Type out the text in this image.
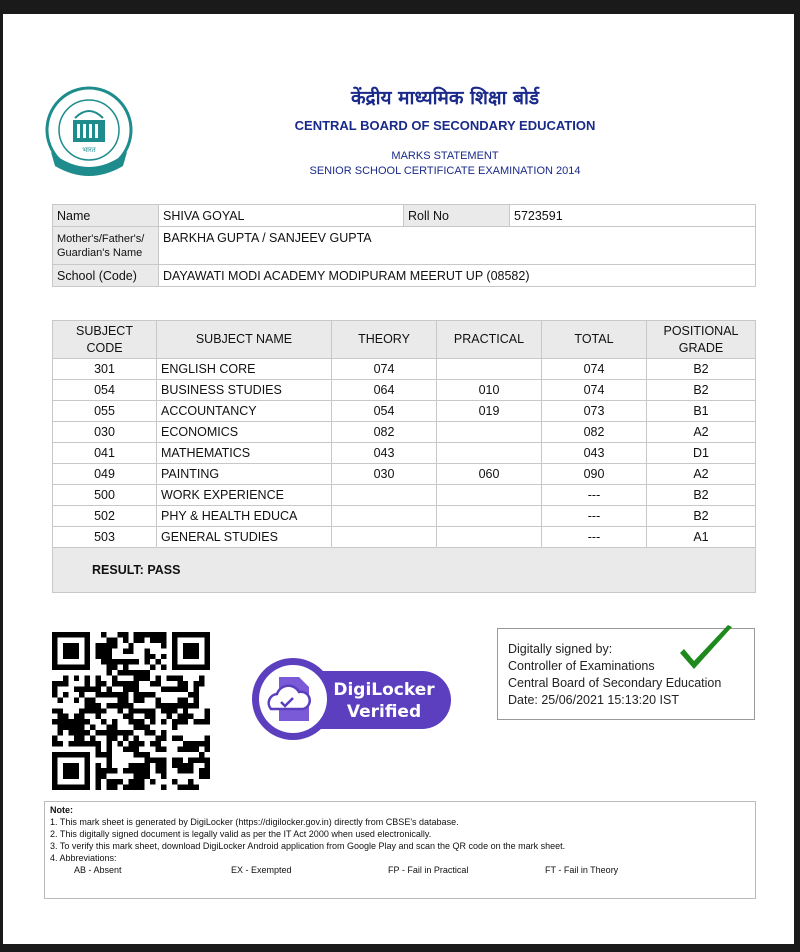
भारत
केंद्रीय माध्यमिक शिक्षा बोर्ड
CENTRAL BOARD OF SECONDARY EDUCATION
MARKS STATEMENT
SENIOR SCHOOL CERTIFICATE EXAMINATION 2014
Name	SHIVA GOYAL	Roll No	5723591
Mother's/Father's/
Guardian's Name	BARKHA GUPTA / SANJEEV GUPTA		
School (Code)	DAYAWATI MODI ACADEMY MODIPURAM MEERUT UP (08582)		
SUBJECT
CODE	SUBJECT NAME	THEORY	PRACTICAL	TOTAL	POSITIONAL
GRADE
301	ENGLISH CORE	074		074	B2
054	BUSINESS STUDIES	064	010	074	B2
055	ACCOUNTANCY	054	019	073	B1
030	ECONOMICS	082		082	A2
041	MATHEMATICS	043		043	D1
049	PAINTING	030	060	090	A2
500	WORK EXPERIENCE			---	B2
502	PHY & HEALTH EDUCA			---	B2
503	GENERAL STUDIES			---	A1
RESULT: PASS					
DigiLocker
Verified
Digitally signed by:
Controller of Examinations
Central Board of Secondary Education
Date: 25/06/2021 15:13:20 IST
Note:
1. This mark sheet is generated by DigiLocker (https://digilocker.gov.in) directly from CBSE's database.
2. This digitally signed document is legally valid as per the IT Act 2000 when used electronically.
3. To verify this mark sheet, download DigiLocker Android application from Google Play and scan the QR code on the mark sheet.
4. Abbreviations:
AB - Absent	EX - Exempted	FP - Fail in Practical	FT - Fail in Theory
